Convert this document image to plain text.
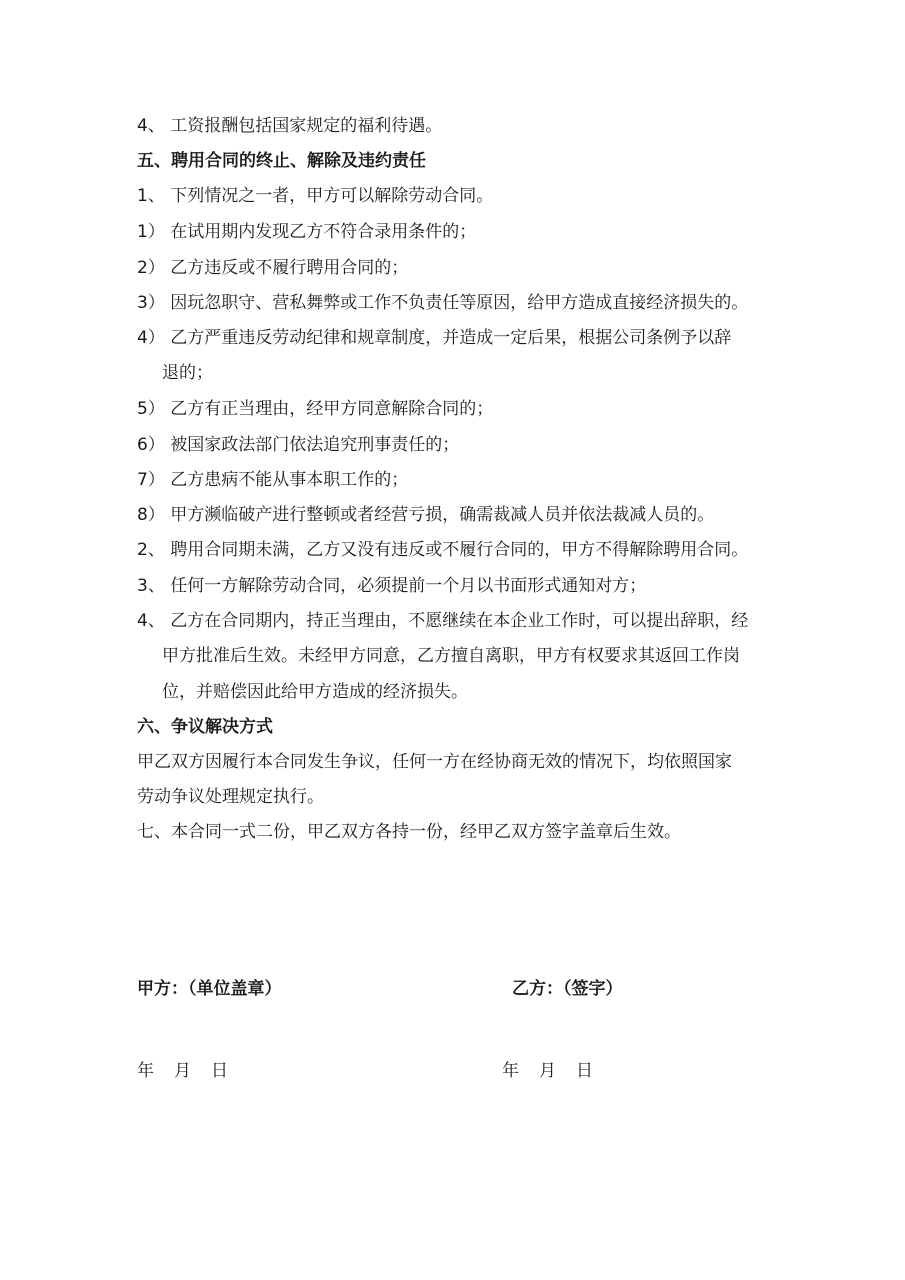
4、 工资报酬包括国家规定的福利待遇。
五、聘用合同的终止、解除及违约责任
1、 下列情况之一者，甲方可以解除劳动合同。
1） 在试用期内发现乙方不符合录用条件的；
2） 乙方违反或不履行聘用合同的；
3） 因玩忽职守、营私舞弊或工作不负责任等原因，给甲方造成直接经济损失的。
4） 乙方严重违反劳动纪律和规章制度，并造成一定后果，根据公司条例予以辞
退的；
5） 乙方有正当理由，经甲方同意解除合同的；
6） 被国家政法部门依法追究刑事责任的；
7） 乙方患病不能从事本职工作的；
8） 甲方濒临破产进行整顿或者经营亏损，确需裁减人员并依法裁减人员的。
2、 聘用合同期未满，乙方又没有违反或不履行合同的，甲方不得解除聘用合同。
3、 任何一方解除劳动合同，必须提前一个月以书面形式通知对方；
4、 乙方在合同期内，持正当理由，不愿继续在本企业工作时，可以提出辞职，经
甲方批准后生效。未经甲方同意，乙方擅自离职，甲方有权要求其返回工作岗
位，并赔偿因此给甲方造成的经济损失。
六、争议解决方式
甲乙双方因履行本合同发生争议，任何一方在经协商无效的情况下，均依照国家
劳动争议处理规定执行。
七、本合同一式二份，甲乙双方各持一份，经甲乙双方签字盖章后生效。
甲方：（单位盖章）	乙方：（签字）
年 月 日	年 月 日
